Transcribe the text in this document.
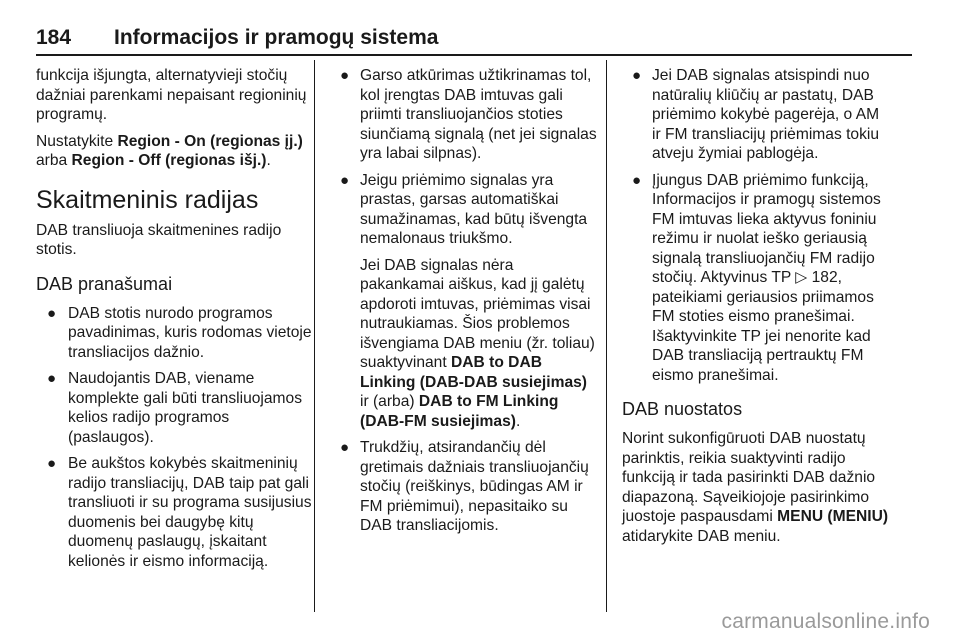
184 Informacijos ir pramogų sistema

funkcija išjungta, alternatyvieji stočių dažniai parenkami nepaisant regioninių programų.

Nustatykite Region - On (regionas įj.) arba Region - Off (regionas išj.).

Skaitmeninis radijas

DAB transliuoja skaitmenines radijo stotis.

DAB pranašumai
● DAB stotis nurodo programos pavadinimas, kuris rodomas vietoje transliacijos dažnio.
● Naudojantis DAB, viename komplekte gali būti transliuojamos kelios radijo programos (paslaugos).
● Be aukštos kokybės skaitmeninių radijo transliacijų, DAB taip pat gali transliuoti ir su programa susijusius duomenis bei daugybę kitų duomenų paslaugų, įskaitant kelionės ir eismo informaciją.
● Garso atkūrimas užtikrinamas tol, kol įrengtas DAB imtuvas gali priimti transliuojančios stoties siunčiamą signalą (net jei signalas yra labai silpnas).
● Jeigu priėmimo signalas yra prastas, garsas automatiškai sumažinamas, kad būtų išvengta nemalonaus triukšmo.

Jei DAB signalas nėra pakankamai aiškus, kad jį galėtų apdoroti imtuvas, priėmimas visai nutraukiamas. Šios problemos išvengiama DAB meniu (žr. toliau) suaktyvinant DAB to DAB Linking (DAB-DAB susiejimas) ir (arba) DAB to FM Linking (DAB-FM susiejimas).

● Trukdžių, atsirandančių dėl gretimais dažniais transliuojančių stočių (reiškinys, būdingas AM ir FM priėmimui), nepasitaiko su DAB transliacijomis.
● Jei DAB signalas atsispindi nuo natūralių kliūčių ar pastatų, DAB priėmimo kokybė pagerėja, o AM ir FM transliacijų priėmimas tokiu atveju žymiai pablogėja.
● Įjungus DAB priėmimo funkciją, Informacijos ir pramogų sistemos FM imtuvas lieka aktyvus foniniu režimu ir nuolat ieško geriausią signalą transliuojančių FM radijo stočių. Aktyvinus TP ▷ 182, pateikiami geriausios priimamos FM stoties eismo pranešimai. Išaktyvinkite TP jei nenorite kad DAB transliaciją pertrauktų FM eismo pranešimai.
DAB nuostatos

Norint sukonfigūruoti DAB nuostatų parinktis, reikia suaktyvinti radijo funkciją ir tada pasirinkti DAB dažnio diapazoną. Sąveikiojoje pasirinkimo juostoje paspausdami MENU (MENIU) atidarykite DAB meniu.

carmanualsonline.info
